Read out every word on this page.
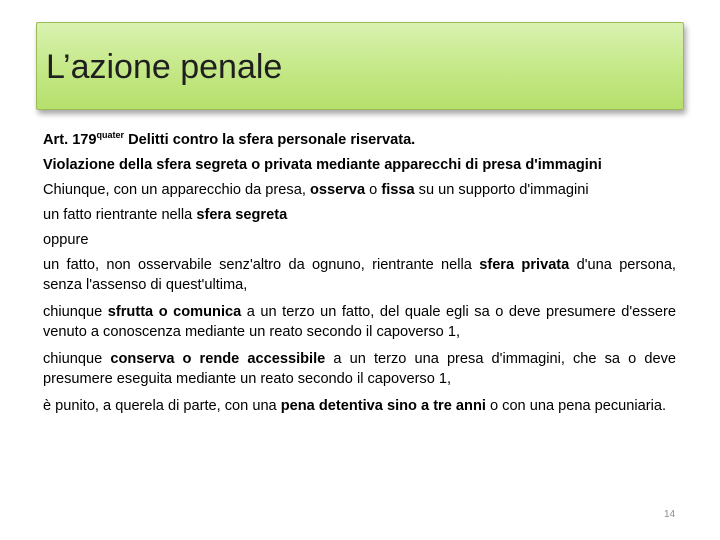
L’azione penale

Art. $179^{quater}$ Delitti contro la sfera personale riservata.

Violazione della sfera segreta o privata mediante apparecchi di presa d'immagini

Chiunque, con un apparecchio da presa, osserva o fissa su un supporto d'immagini

un fatto rientrante nella sfera segreta

oppure

un fatto, non osservabile senz'altro da ognuno, rientrante nella sfera privata d'una persona, senza l'assenso di quest'ultima,

chiunque sfrutta o comunica a un terzo un fatto, del quale egli sa o deve presumere d'essere venuto a conoscenza mediante un reato secondo il capoverso 1,

chiunque conserva o rende accessibile a un terzo una presa d'immagini, che sa o deve presumere eseguita mediante un reato secondo il capoverso 1,

è punito, a querela di parte, con una pena detentiva sino a tre anni o con una pena pecuniaria.

14
